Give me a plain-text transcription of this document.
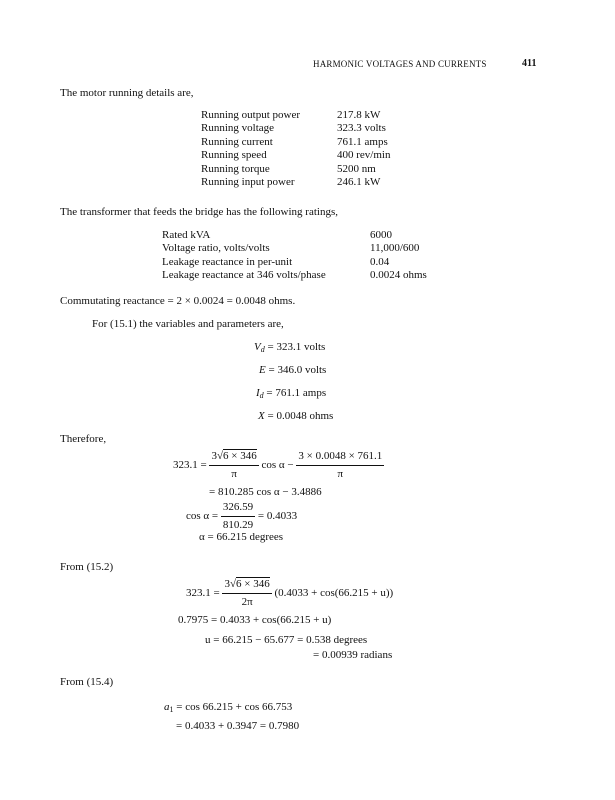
HARMONIC VOLTAGES AND CURRENTS	411
The motor running details are,
Running output power	217.8 kW
Running voltage	323.3 volts
Running current	761.1 amps
Running speed	400 rev/min
Running torque	5200 nm
Running input power	246.1 kW
The transformer that feeds the bridge has the following ratings,
Rated kVA	6000
Voltage ratio, volts/volts	11,000/600
Leakage reactance in per-unit	0.04
Leakage reactance at 346 volts/phase	0.0024 ohms
Commutating reactance = 2 × 0.0024 = 0.0048 ohms.
For (15.1) the variables and parameters are,
$V_d = 323.1$ volts
E = 346.0 volts
$I_d = 761.1$ amps
X = 0.0048 ohms
Therefore,
$323.1 = \frac{3√6 \times 346}{\pi}$ $\cos \alpha - \frac{3 \times 0.0048 \times 761.1}{\pi}$
= 810.285 cos α − 3.4886
$\cos \alpha = \frac{326.59}{810.29} = 0.4033$
α = 66.215 degrees
From (15.2)
$323.1 = \frac{3√6 \times 346}{2\pi} (0.4033 + \cos(66.215 + u))$
0.7975 = 0.4033 + cos(66.215 + u)
u = 66.215 − 65.677 = 0.538 degrees
= 0.00939 radians
From (15.4)
a1 = cos 66.215 + cos 66.753
= 0.4033 + 0.3947 = 0.7980
